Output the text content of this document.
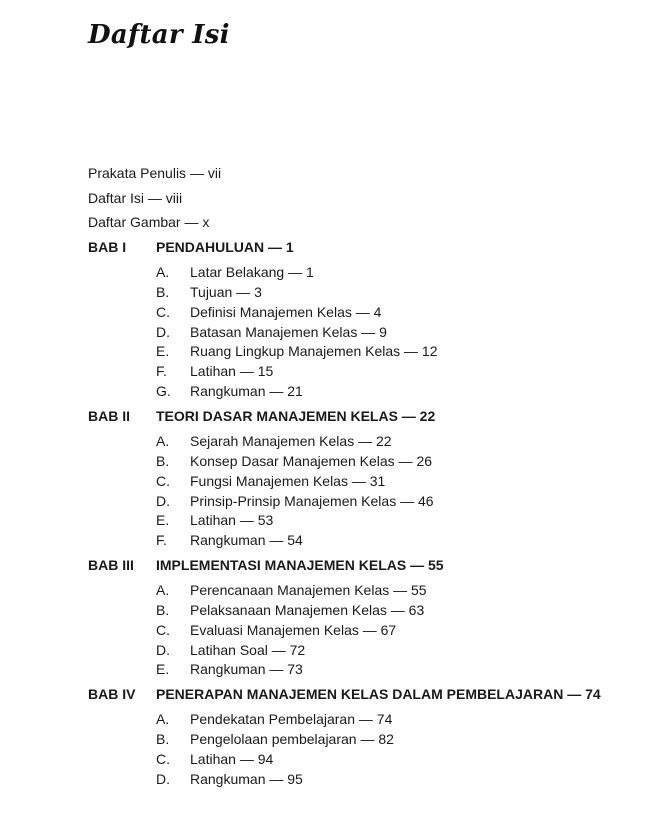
Daftar Isi
Prakata Penulis — vii
Daftar Isi — viii
Daftar Gambar — x
BAB I	PENDAHULUAN — 1
A.	Latar Belakang — 1
B.	Tujuan — 3
C.	Definisi Manajemen Kelas — 4
D.	Batasan Manajemen Kelas — 9
E.	Ruang Lingkup Manajemen Kelas — 12
F.	Latihan — 15
G.	Rangkuman — 21
BAB II	TEORI DASAR MANAJEMEN KELAS — 22
A.	Sejarah Manajemen Kelas — 22
B.	Konsep Dasar Manajemen Kelas — 26
C.	Fungsi Manajemen Kelas — 31
D.	Prinsip-Prinsip Manajemen Kelas — 46
E.	Latihan — 53
F.	Rangkuman — 54
BAB III	IMPLEMENTASI MANAJEMEN KELAS — 55
A.	Perencanaan Manajemen Kelas — 55
B.	Pelaksanaan Manajemen Kelas — 63
C.	Evaluasi Manajemen Kelas — 67
D.	Latihan Soal — 72
E.	Rangkuman — 73
BAB IV	PENERAPAN MANAJEMEN KELAS DALAM PEMBELAJARAN — 74
A.	Pendekatan Pembelajaran — 74
B.	Pengelolaan pembelajaran — 82
C.	Latihan — 94
D.	Rangkuman — 95
